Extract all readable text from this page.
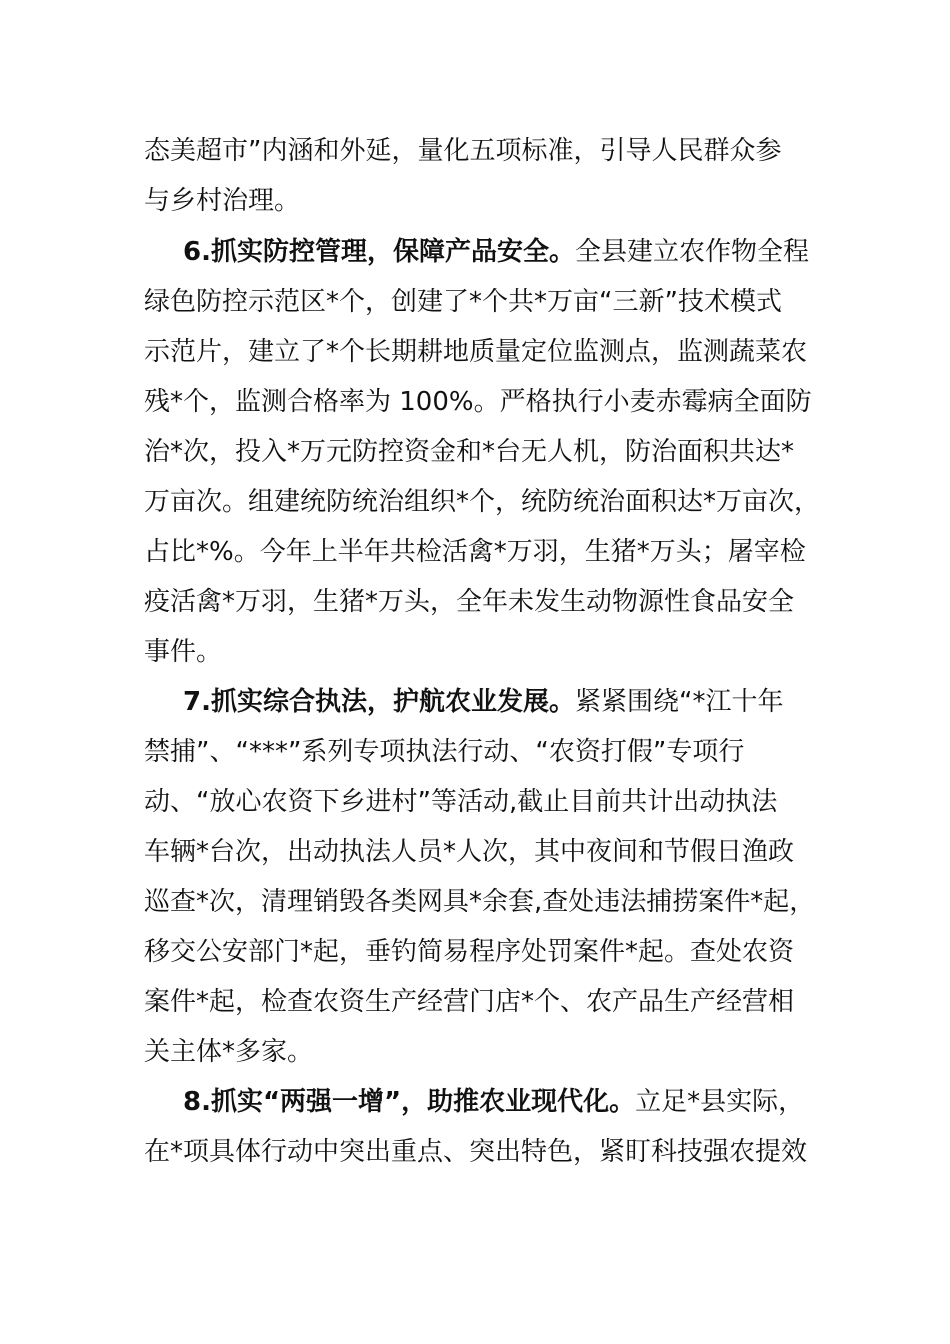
态美超市”内涵和外延，量化五项标准，引导人民群众参
与乡村治理。
6.抓实防控管理，保障产品安全。全县建立农作物全程
绿色防控示范区*个，创建了*个共*万亩“三新”技术模式
示范片，建立了*个长期耕地质量定位监测点，监测蔬菜农
残*个，监测合格率为 100%。严格执行小麦赤霉病全面防
治*次，投入*万元防控资金和*台无人机，防治面积共达*
万亩次。组建统防统治组织*个，统防统治面积达*万亩次，
占比*%。今年上半年共检活禽*万羽，生猪*万头；屠宰检
疫活禽*万羽，生猪*万头，全年未发生动物源性食品安全
事件。
7.抓实综合执法，护航农业发展。紧紧围绕“*江十年
禁捕”、“***”系列专项执法行动、“农资打假”专项行
动、“放心农资下乡进村”等活动,截止目前共计出动执法
车辆*台次，出动执法人员*人次，其中夜间和节假日渔政
巡查*次，清理销毁各类网具*余套,查处违法捕捞案件*起，
移交公安部门*起，垂钓简易程序处罚案件*起。查处农资
案件*起，检查农资生产经营门店*个、农产品生产经营相
关主体*多家。
8.抓实“两强一增”，助推农业现代化。立足*县实际，
在*项具体行动中突出重点、突出特色，紧盯科技强农提效
